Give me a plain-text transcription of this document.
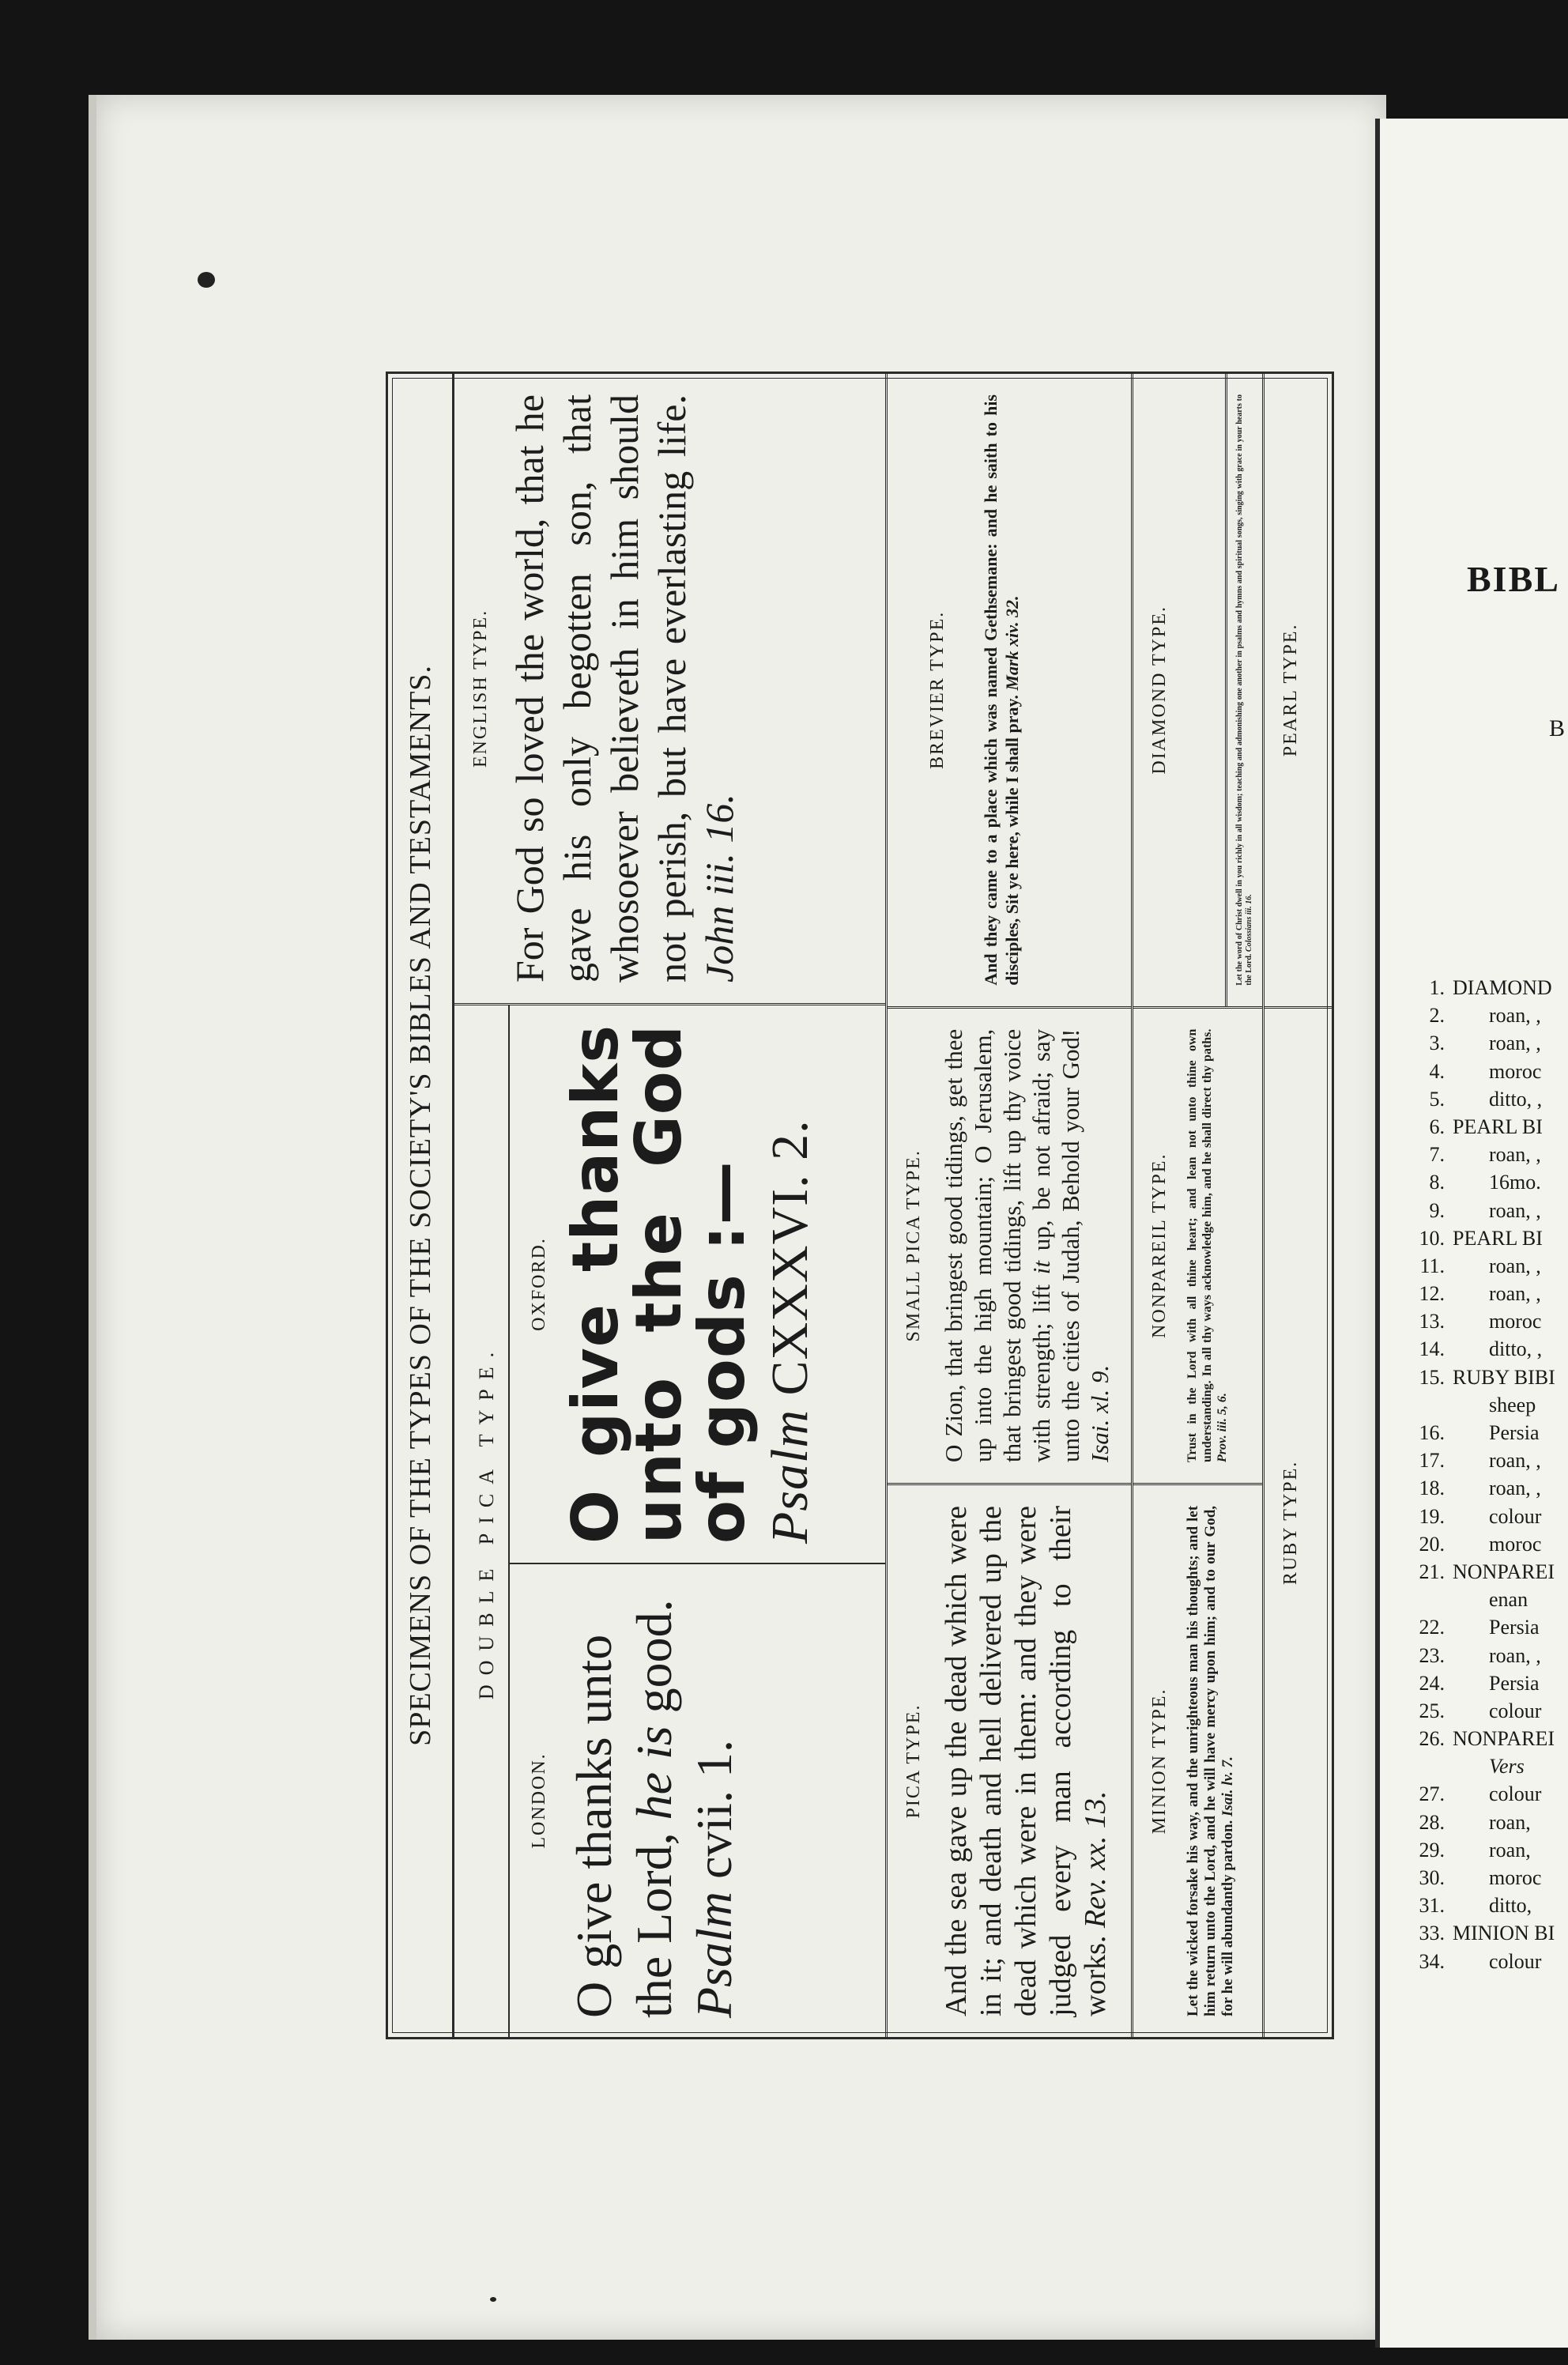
SPECIMENS OF THE TYPES OF THE SOCIETY'S BIBLES AND TESTAMENTS.	DOUBLE PICA TYPE.
LONDON. O give thanks unto the Lord, he is good.
Psalm cvii. 1.
OXFORD. O give thanks unto the God of gods :—
Psalm CXXXVI. 2.
ENGLISH TYPE. For God so loved the world, that he gave his only begotten son, that whosoever believeth in him should not perish, but have everlasting life. John iii. 16.
PICA TYPE. And the sea gave up the dead which were in it; and death and hell delivered up the dead which were in them: and they were judged every man according to their works. Rev. xx. 13.
SMALL PICA TYPE. O Zion, that bringest good tidings, get thee up into the high mountain; O Jerusalem, that bringest good tidings, lift up thy voice with strength; lift it up, be not afraid; say unto the cities of Judah, Behold your God! Isai. xl. 9.
BREVIER TYPE. And they came to a place which was named Gethsemane: and he saith to his disciples, Sit ye here, while I shall pray. Mark xiv. 32.
MINION TYPE. Let the wicked forsake his way, and the unrighteous man his thoughts; and let him return unto the Lord, and he will have mercy upon him; and to our God, for he will abundantly pardon. Isai. lv. 7.
NONPAREIL TYPE. Trust in the Lord with all thine heart; and lean not unto thine own understanding. In all thy ways acknowledge him, and he shall direct thy paths. Prov. iii. 5, 6.
DIAMOND TYPE.	Let the word of Christ dwell in you richly in all wisdom; teaching and admonishing one another in psalms and hymns and spiritual songs, singing with grace in your hearts to the Lord. Colossians iii. 16.
RUBY TYPE.
PEARL TYPE.
BIBL
B
1. DIAMOND
2. roan, ,
3. roan, ,
4. moroc
5. ditto, ,
6. PEARL BI
7. roan, ,
8. 16mo.
9. roan, ,
10. PEARL BI
11. roan, ,
12. roan, ,
13. moroc
14. ditto, ,
15. RUBY BIBI
sheep
16. Persia
17. roan, ,
18. roan, ,
19. colour
20. moroc
21. NONPAREI
enan
22. Persia
23. roan, ,
24. Persia
25. colour
26. NONPAREI
Vers
27. colour
28. roan,
29. roan,
30. moroc
31. ditto,
33. MINION BI
34. colour
